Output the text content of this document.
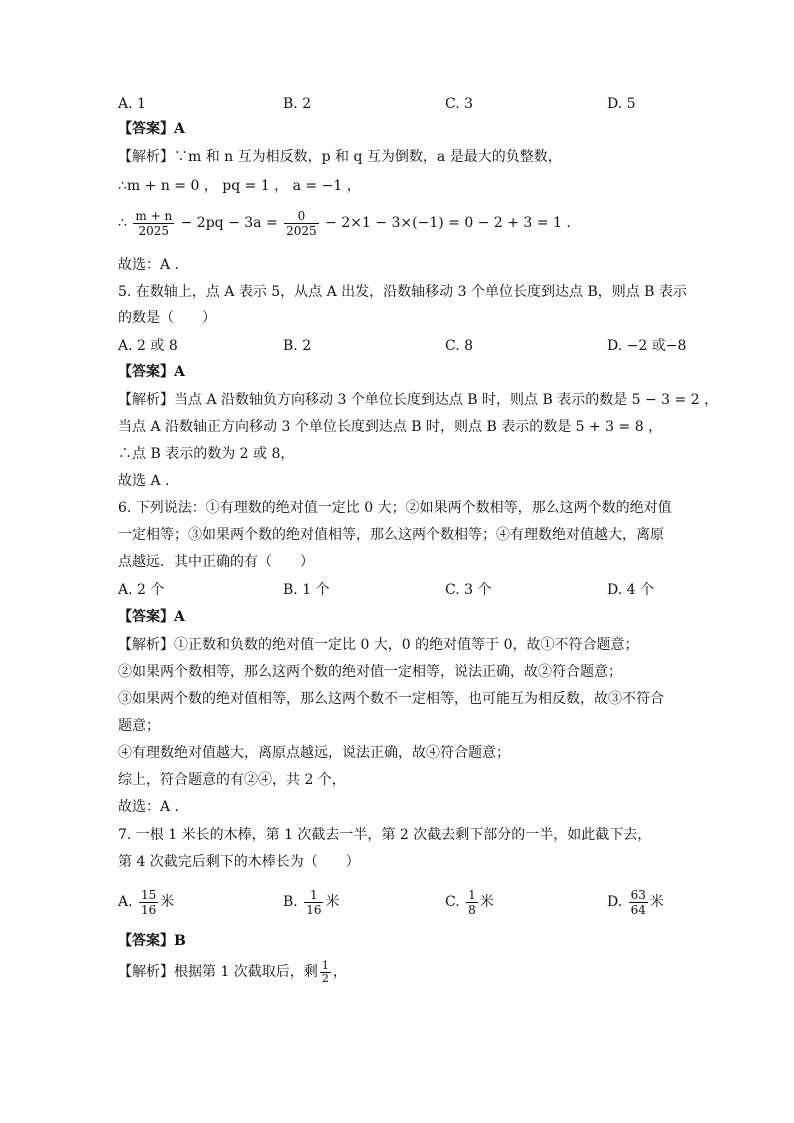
A. 1	B. 2	C. 3	D. 5
【答案】A
【解析】∵m 和 n 互为相反数，p 和 q 互为倒数，a 是最大的负整数，
∴m + n = 0 ， pq = 1 ， a = −1 ，
∴ $\frac{m + n}{2025} - 2pq - 3a = \frac{0}{2025} - 2\times 1 - 3\times(-1) = 0 - 2 + 3 = 1$ .
故选：A .
5. 在数轴上，点 A 表示 5，从点 A 出发，沿数轴移动 3 个单位长度到达点 B，则点 B 表示
的数是（　　）
A. 2 或 8	B. 2	C. 8	D. −2 或−8
【答案】A
【解析】当点 A 沿数轴负方向移动 3 个单位长度到达点 B 时，则点 B 表示的数是 5 − 3 = 2 ，
当点 A 沿数轴正方向移动 3 个单位长度到达点 B 时，则点 B 表示的数是 5 + 3 = 8 ，
∴点 B 表示的数为 2 或 8，
故选 A .
6. 下列说法：①有理数的绝对值一定比 0 大；②如果两个数相等，那么这两个数的绝对值
一定相等；③如果两个数的绝对值相等，那么这两个数相等；④有理数绝对值越大，离原
点越远．其中正确的有（　　）
A. 2 个	B. 1 个	C. 3 个	D. 4 个
【答案】A
【解析】①正数和负数的绝对值一定比 0 大，0 的绝对值等于 0，故①不符合题意；
②如果两个数相等，那么这两个数的绝对值一定相等，说法正确，故②符合题意；
③如果两个数的绝对值相等，那么这两个数不一定相等，也可能互为相反数，故③不符合
题意；
④有理数绝对值越大，离原点越远，说法正确，故④符合题意；
综上，符合题意的有②④，共 2 个，
故选：A .
7. 一根 1 米长的木棒，第 1 次截去一半，第 2 次截去剩下部分的一半，如此截下去，
第 4 次截完后剩下的木棒长为（　　）
A. $\frac{15}{16}$ 米	B. $\frac{1}{16}$ 米	C. $\frac{1}{8}$ 米	D. $\frac{63}{64}$ 米
【答案】B
【解析】根据第 1 次截取后，剩 $\frac{1}{2}$ ，
